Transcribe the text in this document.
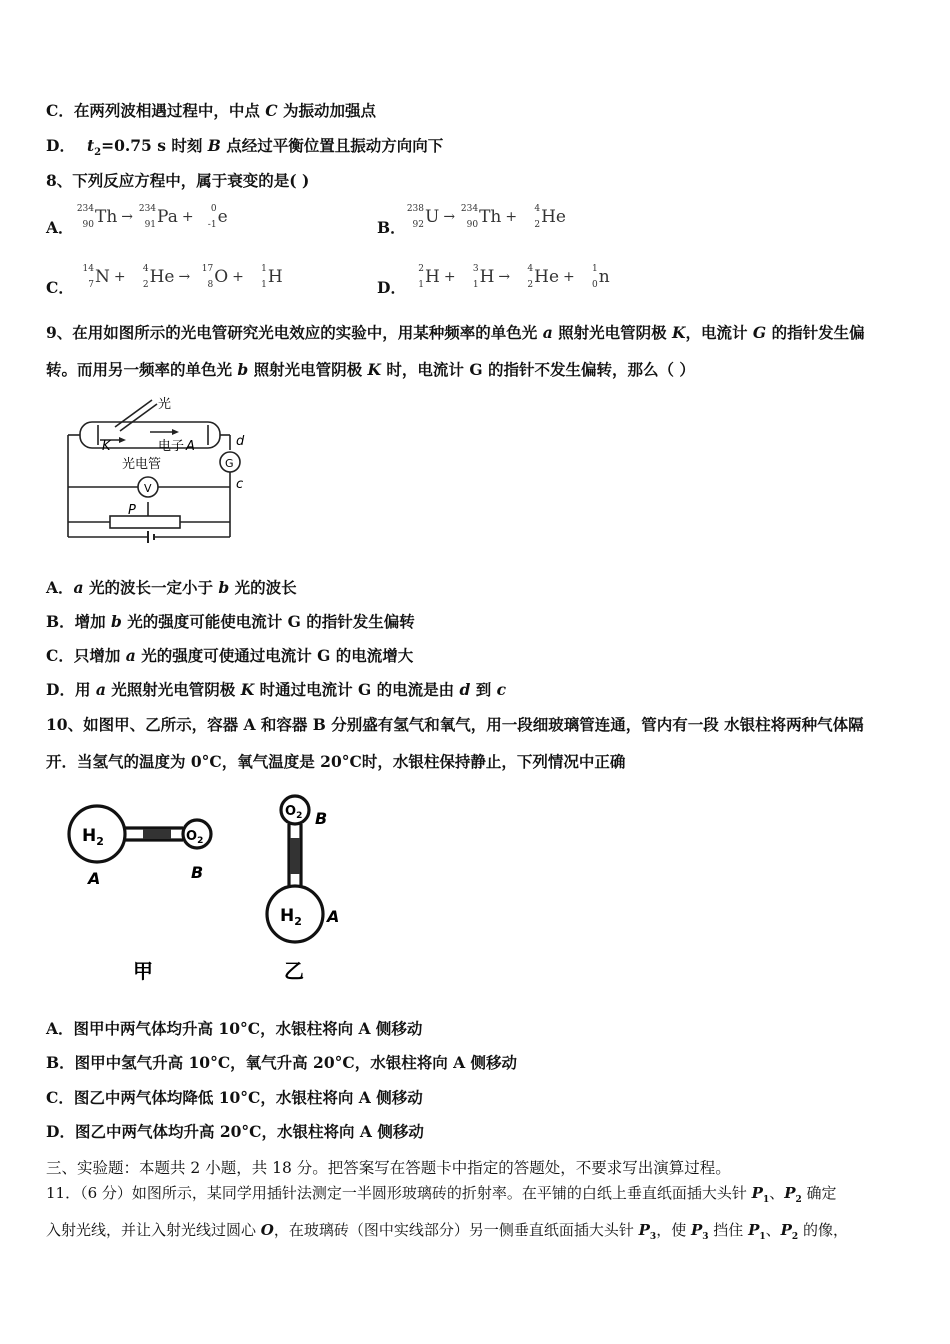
C．在两列波相遇过程中，中点 C 为振动加强点
D． $t_2=0.75$ s 时刻 B 点经过平衡位置且振动方向向下
8、下列反应方程中，属于衰变的是( )
A．
234
90 Th → 234
91 Pa + 0
-1 e
B．
238
92 U → 234
90 Th + 4
2 He
C．
14
7 N + 4
2 He → 17
8 O + 1
1 H
D．
2
1 H + 3
1 H → 4
2 He + 1
0 n
9、在用如图所示的光电管研究光电效应的实验中，用某种频率的单色光 a 照射光电管阴极 K，电流计 G 的指针发生偏
转。而用另一频率的单色光 b 照射光电管阴极 K 时，电流计 G 的指针不发生偏转，那么（ ）
光
K	电子 A
光电管	G
V
d
c
P
A．a 光的波长一定小于 b 光的波长
B．增加 b 光的强度可能使电流计 G 的指针发生偏转
C．只增加 a 光的强度可使通过电流计 G 的电流增大
D．用 a 光照射光电管阴极 K 时通过电流计 G 的电流是由 d 到 c
10、如图甲、乙所示，容器 A 和容器 B 分别盛有氢气和氧气，用一段细玻璃管连通，管内有一段 水银柱将两种气体隔
开．当氢气的温度为 0°C，氧气温度是 20°C时，水银柱保持静止，下列情况中正确
$H_2$	$O_2$
A	B
$O_2$ B
$H_2$ A
甲	乙
A．图甲中两气体均升高 10°C，水银柱将向 A 侧移动
B．图甲中氢气升高 10°C，氧气升高 20°C，水银柱将向 A 侧移动
C．图乙中两气体均降低 10°C，水银柱将向 A 侧移动
D．图乙中两气体均升高 20°C，水银柱将向 A 侧移动
三、实验题：本题共 2 小题，共 18 分。把答案写在答题卡中指定的答题处，不要求写出演算过程。
11．（6 分）如图所示，某同学用插针法测定一半圆形玻璃砖的折射率。在平铺的白纸上垂直纸面插大头针 $P_1$、$P_2$ 确定
入射光线，并让入射光线过圆心 O，在玻璃砖（图中实线部分）另一侧垂直纸面插大头针 $P_3$，使 $P_3$ 挡住 $P_1$、$P_2$ 的像，
